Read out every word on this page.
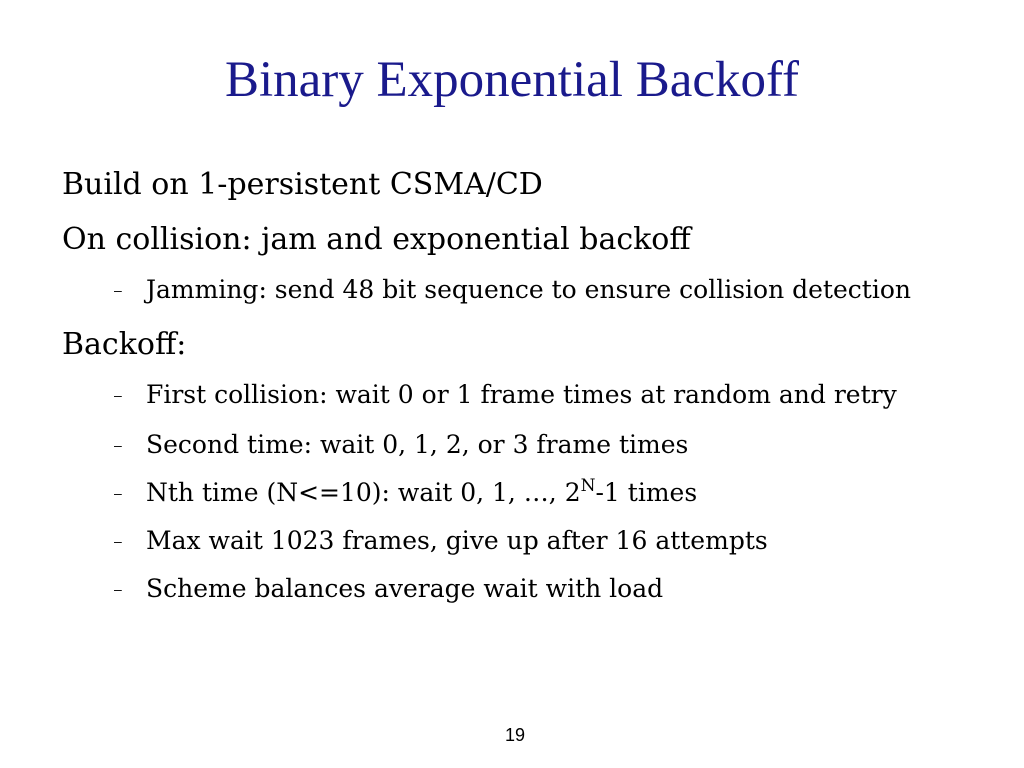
Binary Exponential Backoff
Build on 1-persistent CSMA/CD
On collision: jam and exponential backoff
– Jamming: send 48 bit sequence to ensure collision detection
Backoff:
– First collision: wait 0 or 1 frame times at random and retry
– Second time: wait 0, 1, 2, or 3 frame times
– Nth time (N<=10): wait 0, 1, …, $2^N-1$ times
– Max wait 1023 frames, give up after 16 attempts
– Scheme balances average wait with load
19
